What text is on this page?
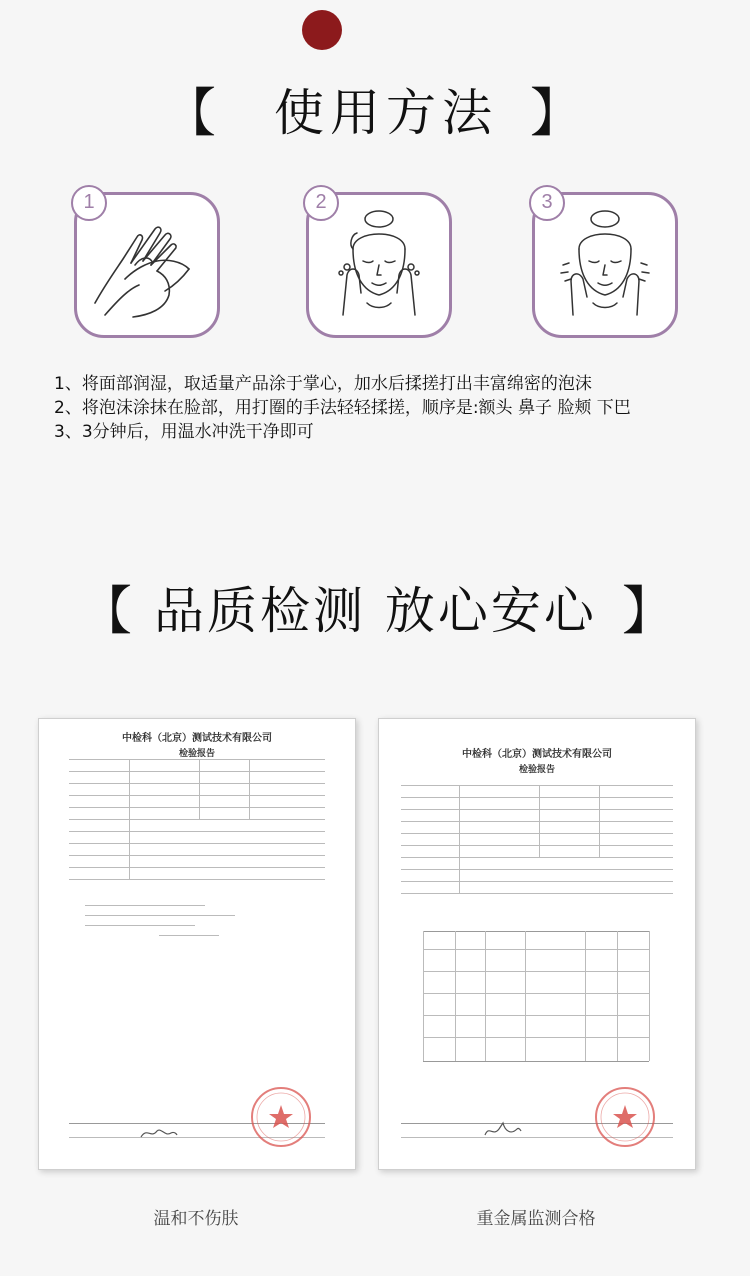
【 使用方法 】
1	2	3
1、将面部润湿，取适量产品涂于掌心，加水后揉搓打出丰富绵密的泡沫
2、将泡沫涂抹在脸部，用打圈的手法轻轻揉搓，顺序是:额头 鼻子 脸颊 下巴
3、3分钟后，用温水冲洗干净即可
【 品质检测 放心安心 】
中检科（北京）测试技术有限公司
检验报告
温和不伤肤
中检科（北京）测试技术有限公司
检验报告
重金属监测合格
